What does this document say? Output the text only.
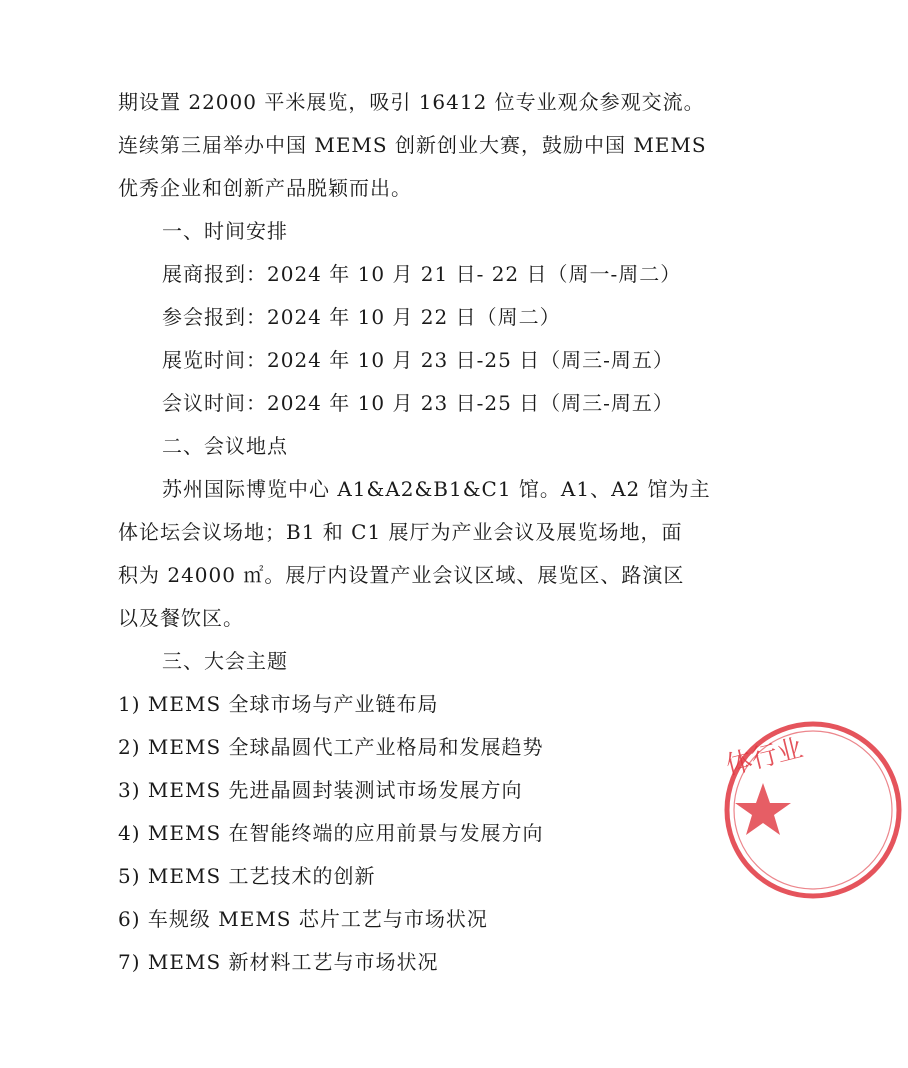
期设置 22000 平米展览，吸引 16412 位专业观众参观交流。
连续第三届举办中国 MEMS 创新创业大赛，鼓励中国 MEMS
优秀企业和创新产品脱颖而出。
一、时间安排
展商报到：2024 年 10 月 21 日- 22 日（周一-周二）
参会报到：2024 年 10 月 22 日（周二）
展览时间：2024 年 10 月 23 日-25 日（周三-周五）
会议时间：2024 年 10 月 23 日-25 日（周三-周五）
二、会议地点
苏州国际博览中心 A1&A2&B1&C1 馆。A1、A2 馆为主
体论坛会议场地；B1 和 C1 展厅为产业会议及展览场地，面
积为 24000 ㎡。展厅内设置产业会议区域、展览区、路演区
以及餐饮区。
三、大会主题
1) MEMS 全球市场与产业链布局
2) MEMS 全球晶圆代工产业格局和发展趋势
3) MEMS 先进晶圆封装测试市场发展方向
4) MEMS 在智能终端的应用前景与发展方向
5) MEMS 工艺技术的创新
6) 车规级 MEMS 芯片工艺与市场状况
7) MEMS 新材料工艺与市场状况
体行业
